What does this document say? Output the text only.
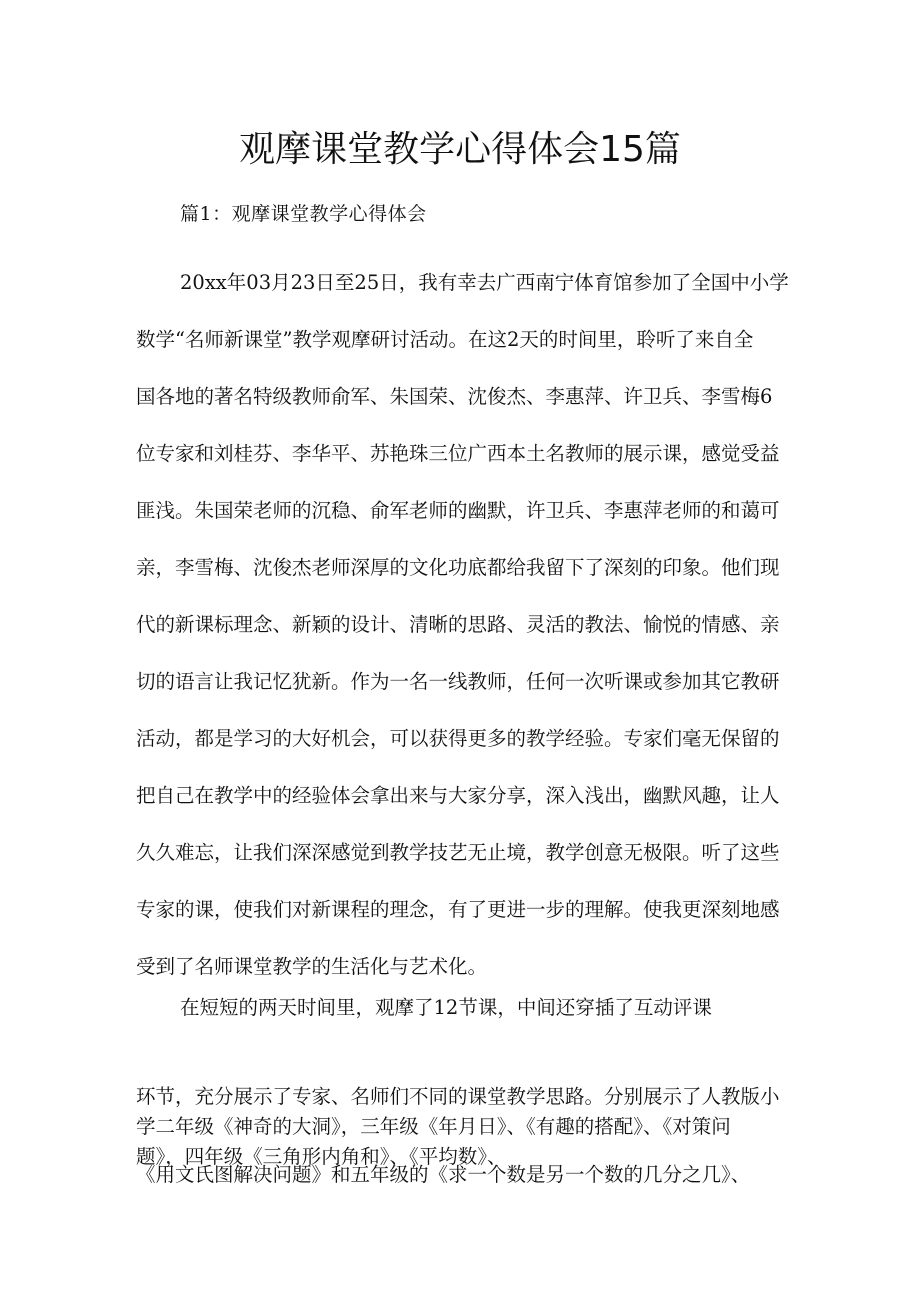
观摩课堂教学心得体会15篇

篇1：观摩课堂教学心得体会

20xx年03月23日至25日，我有幸去广西南宁体育馆参加了全国中小学
数学“名师新课堂”教学观摩研讨活动。在这2天的时间里，聆听了来自全
国各地的著名特级教师俞军、朱国荣、沈俊杰、李惠萍、许卫兵、李雪梅6
位专家和刘桂芬、李华平、苏艳珠三位广西本土名教师的展示课，感觉受益
匪浅。朱国荣老师的沉稳、俞军老师的幽默，许卫兵、李惠萍老师的和蔼可
亲，李雪梅、沈俊杰老师深厚的文化功底都给我留下了深刻的印象。他们现
代的新课标理念、新颖的设计、清晰的思路、灵活的教法、愉悦的情感、亲
切的语言让我记忆犹新。作为一名一线教师，任何一次听课或参加其它教研
活动，都是学习的大好机会，可以获得更多的教学经验。专家们毫无保留的
把自己在教学中的经验体会拿出来与大家分享，深入浅出，幽默风趣，让人
久久难忘，让我们深深感觉到教学技艺无止境，教学创意无极限。听了这些
专家的课，使我们对新课程的理念，有了更进一步的理解。使我更深刻地感
受到了名师课堂教学的生活化与艺术化。
在短短的两天时间里，观摩了12节课，中间还穿插了互动评课
环节，充分展示了专家、名师们不同的课堂教学思路。分别展示了人教版小
学二年级《神奇的大洞》，三年级《年月日》、《有趣的搭配》、《对策问
题》，四年级《三角形内角和》、《平均数》、
《用文氏图解决问题》和五年级的《求一个数是另一个数的几分之几》、
